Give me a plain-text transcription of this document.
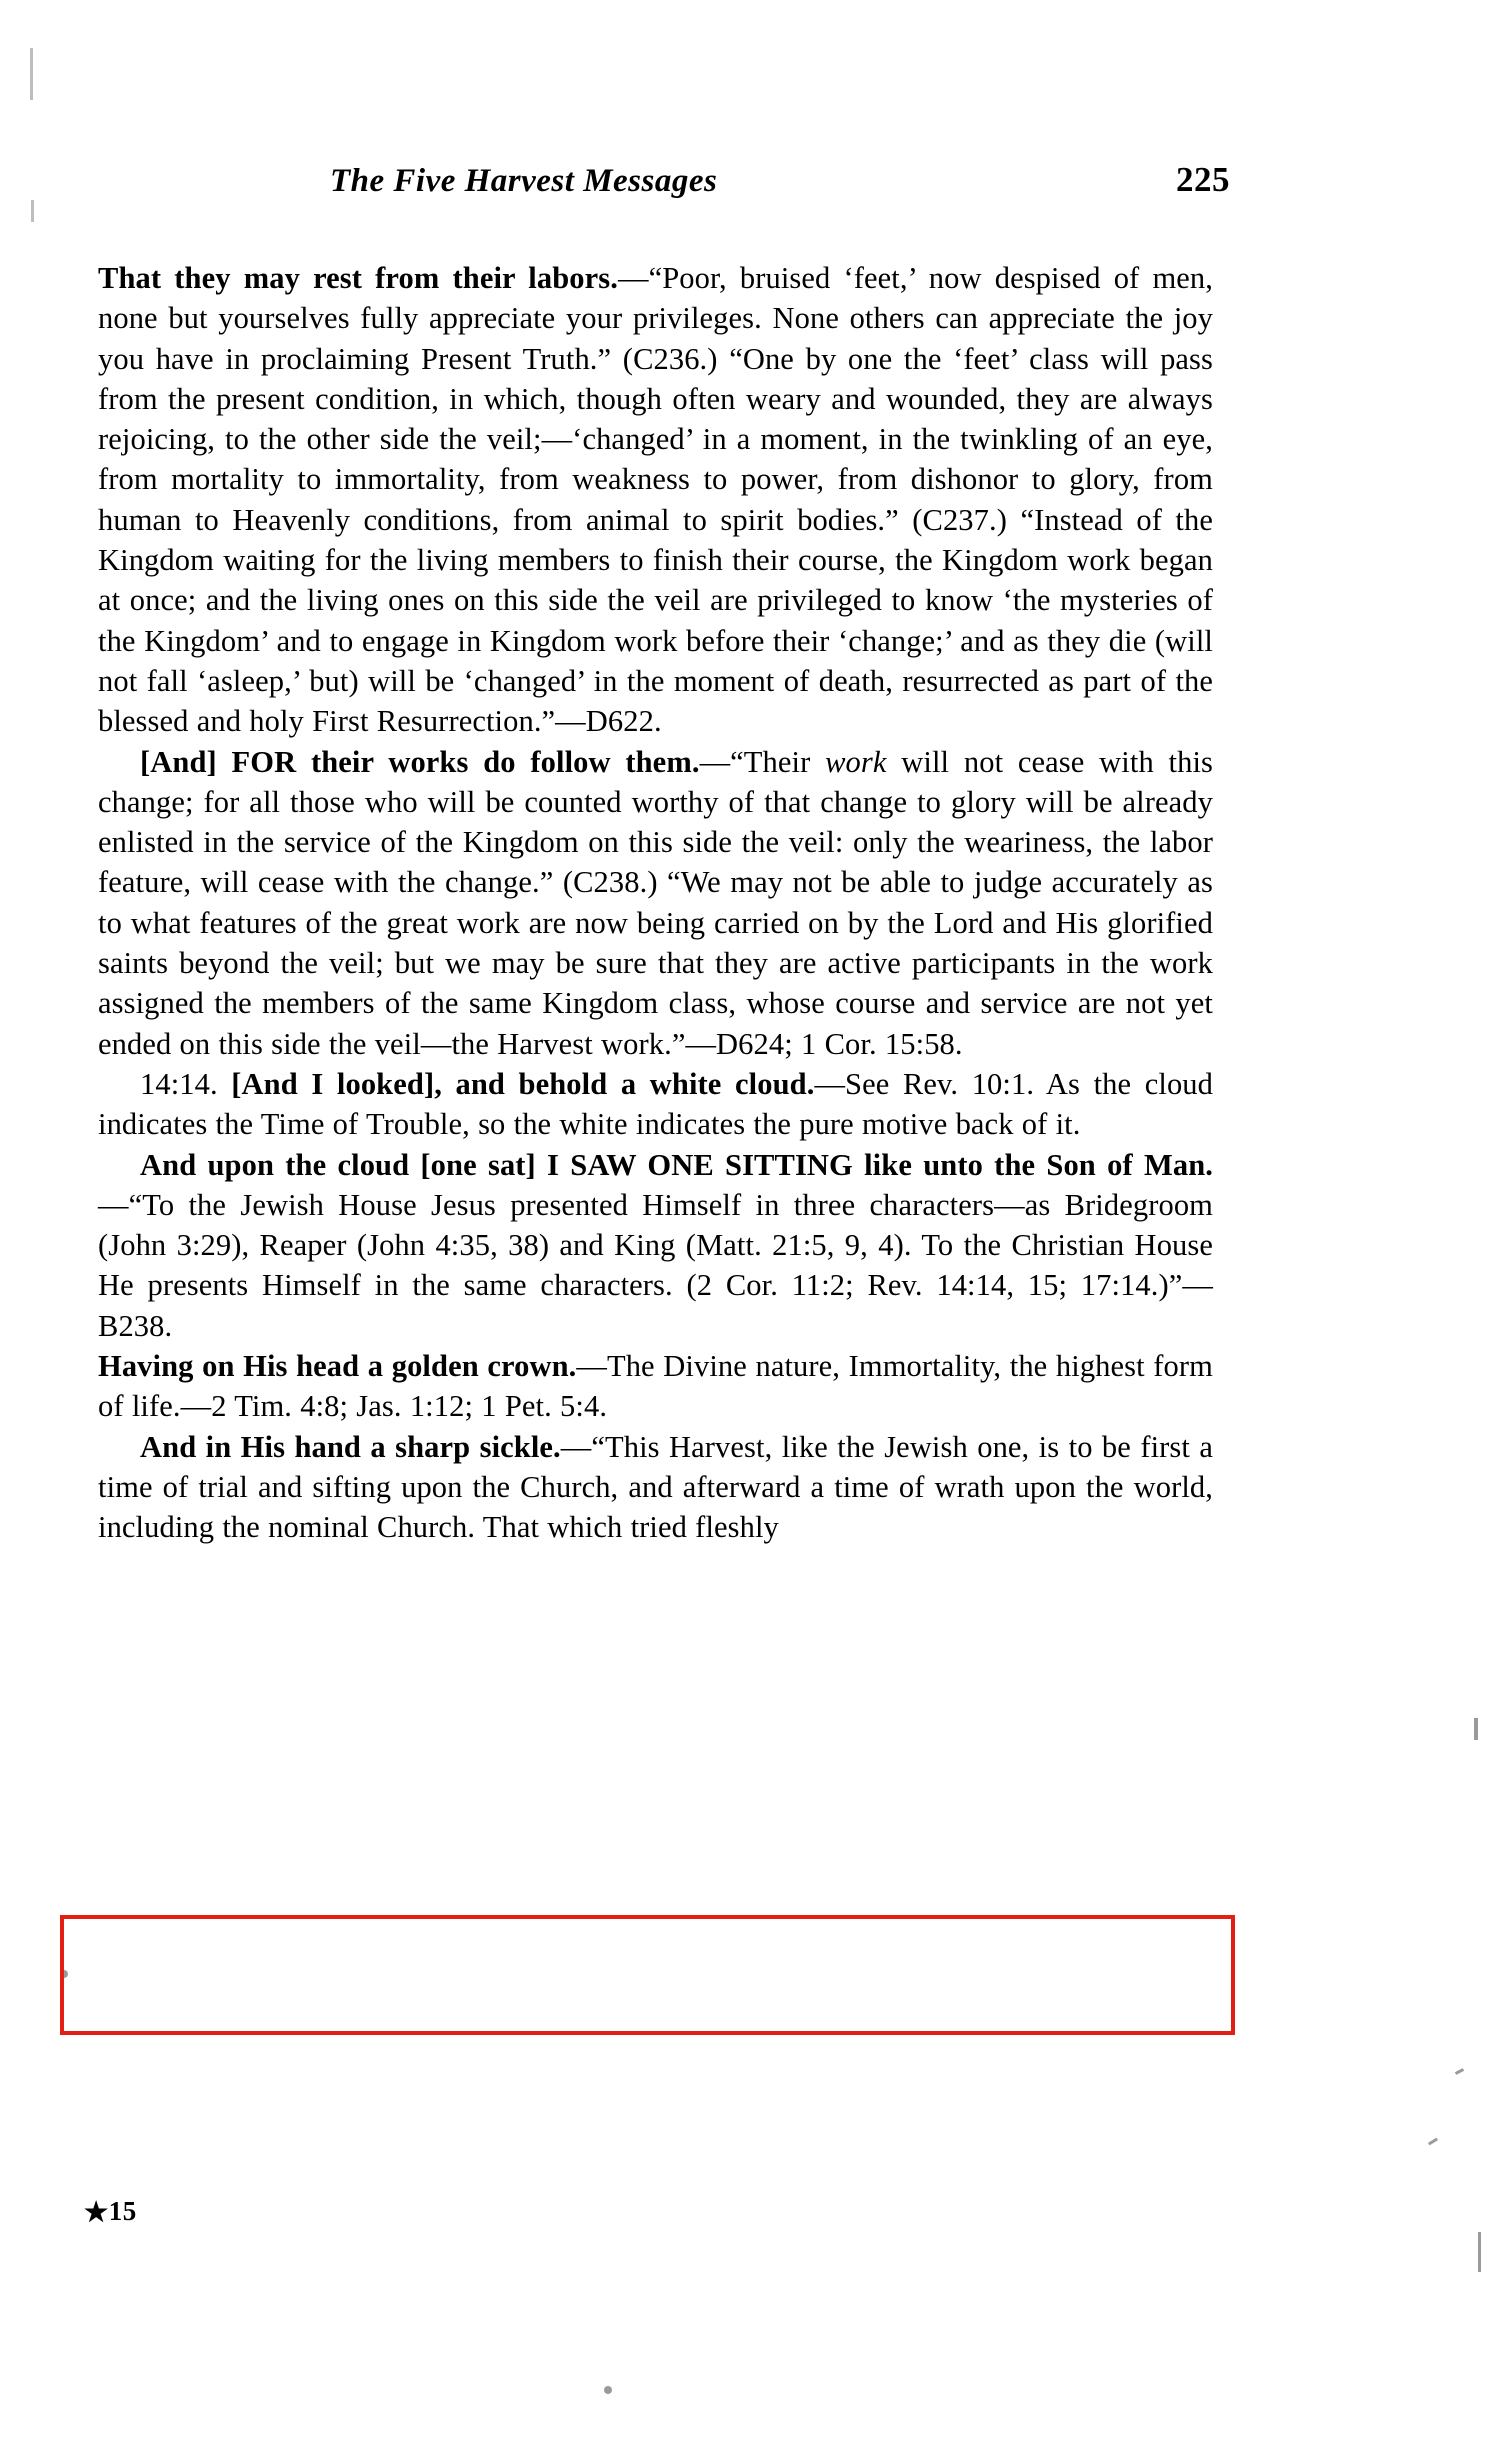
The Five Harvest Messages	225

That they may rest from their labors.—“Poor, bruised ‘feet,’ now despised of men, none but yourselves fully appreciate your privileges. None others can appreciate the joy you have in proclaiming Present Truth.” (C236.) “One by one the ‘feet’ class will pass from the present condition, in which, though often weary and wounded, they are always rejoicing, to the other side the veil;—‘changed’ in a moment, in the twinkling of an eye, from mortality to immortality, from weakness to power, from dishonor to glory, from human to Heavenly conditions, from animal to spirit bodies.” (C237.) “Instead of the Kingdom waiting for the living members to finish their course, the Kingdom work began at once; and the living ones on this side the veil are privileged to know ‘the mysteries of the Kingdom’ and to engage in Kingdom work before their ‘change;’ and as they die (will not fall ‘asleep,’ but) will be ‘changed’ in the moment of death, resurrected as part of the blessed and holy First Resurrection.”—D622.

[And] FOR their works do follow them.—“Their work will not cease with this change; for all those who will be counted worthy of that change to glory will be already enlisted in the service of the Kingdom on this side the veil: only the weariness, the labor feature, will cease with the change.” (C238.) “We may not be able to judge accurately as to what features of the great work are now being carried on by the Lord and His glorified saints beyond the veil; but we may be sure that they are active participants in the work assigned the members of the same Kingdom class, whose course and service are not yet ended on this side the veil—the Harvest work.”—D624; 1 Cor. 15:58.

14:14. [And I looked], and behold a white cloud.—See Rev. 10:1. As the cloud indicates the Time of Trouble, so the white indicates the pure motive back of it.

And upon the cloud [one sat] I SAW ONE SITTING like unto the Son of Man.—“To the Jewish House Jesus presented Himself in three characters—as Bridegroom (John 3:29), Reaper (John 4:35, 38) and King (Matt. 21:5, 9, 4). To the Christian House He presents Himself in the same characters. (2 Cor. 11:2; Rev. 14:14, 15; 17:14.)”—B238.

Having on His head a golden crown.—The Divine nature, Immortality, the highest form of life.—2 Tim. 4:8; Jas. 1:12; 1 Pet. 5:4.

And in His hand a sharp sickle.—“This Harvest, like the Jewish one, is to be first a time of trial and sifting upon the Church, and afterward a time of wrath upon the world, including the nominal Church. That which tried fleshly

★15
